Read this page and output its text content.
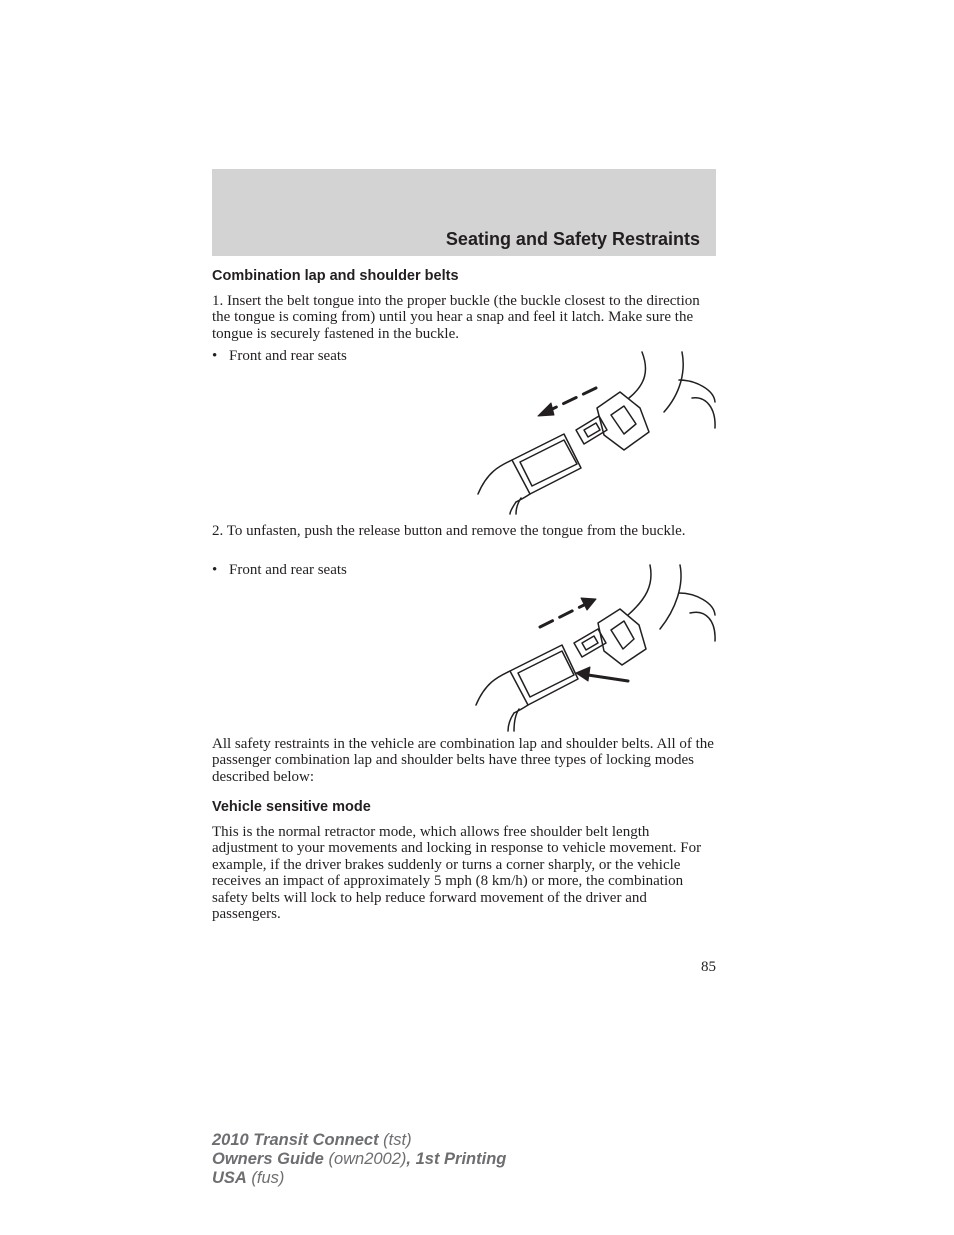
Seating and Safety Restraints
Combination lap and shoulder belts
1. Insert the belt tongue into the proper buckle (the buckle closest to the direction the tongue is coming from) until you hear a snap and feel it latch. Make sure the tongue is securely fastened in the buckle.
• Front and rear seats
2. To unfasten, push the release button and remove the tongue from the buckle.
• Front and rear seats
All safety restraints in the vehicle are combination lap and shoulder belts. All of the passenger combination lap and shoulder belts have three types of locking modes described below:
Vehicle sensitive mode
This is the normal retractor mode, which allows free shoulder belt length adjustment to your movements and locking in response to vehicle movement. For example, if the driver brakes suddenly or turns a corner sharply, or the vehicle receives an impact of approximately 5 mph (8 km/h) or more, the combination safety belts will lock to help reduce forward movement of the driver and passengers.
85
2010 Transit Connect (tst)
Owners Guide (own2002), 1st Printing
USA (fus)
